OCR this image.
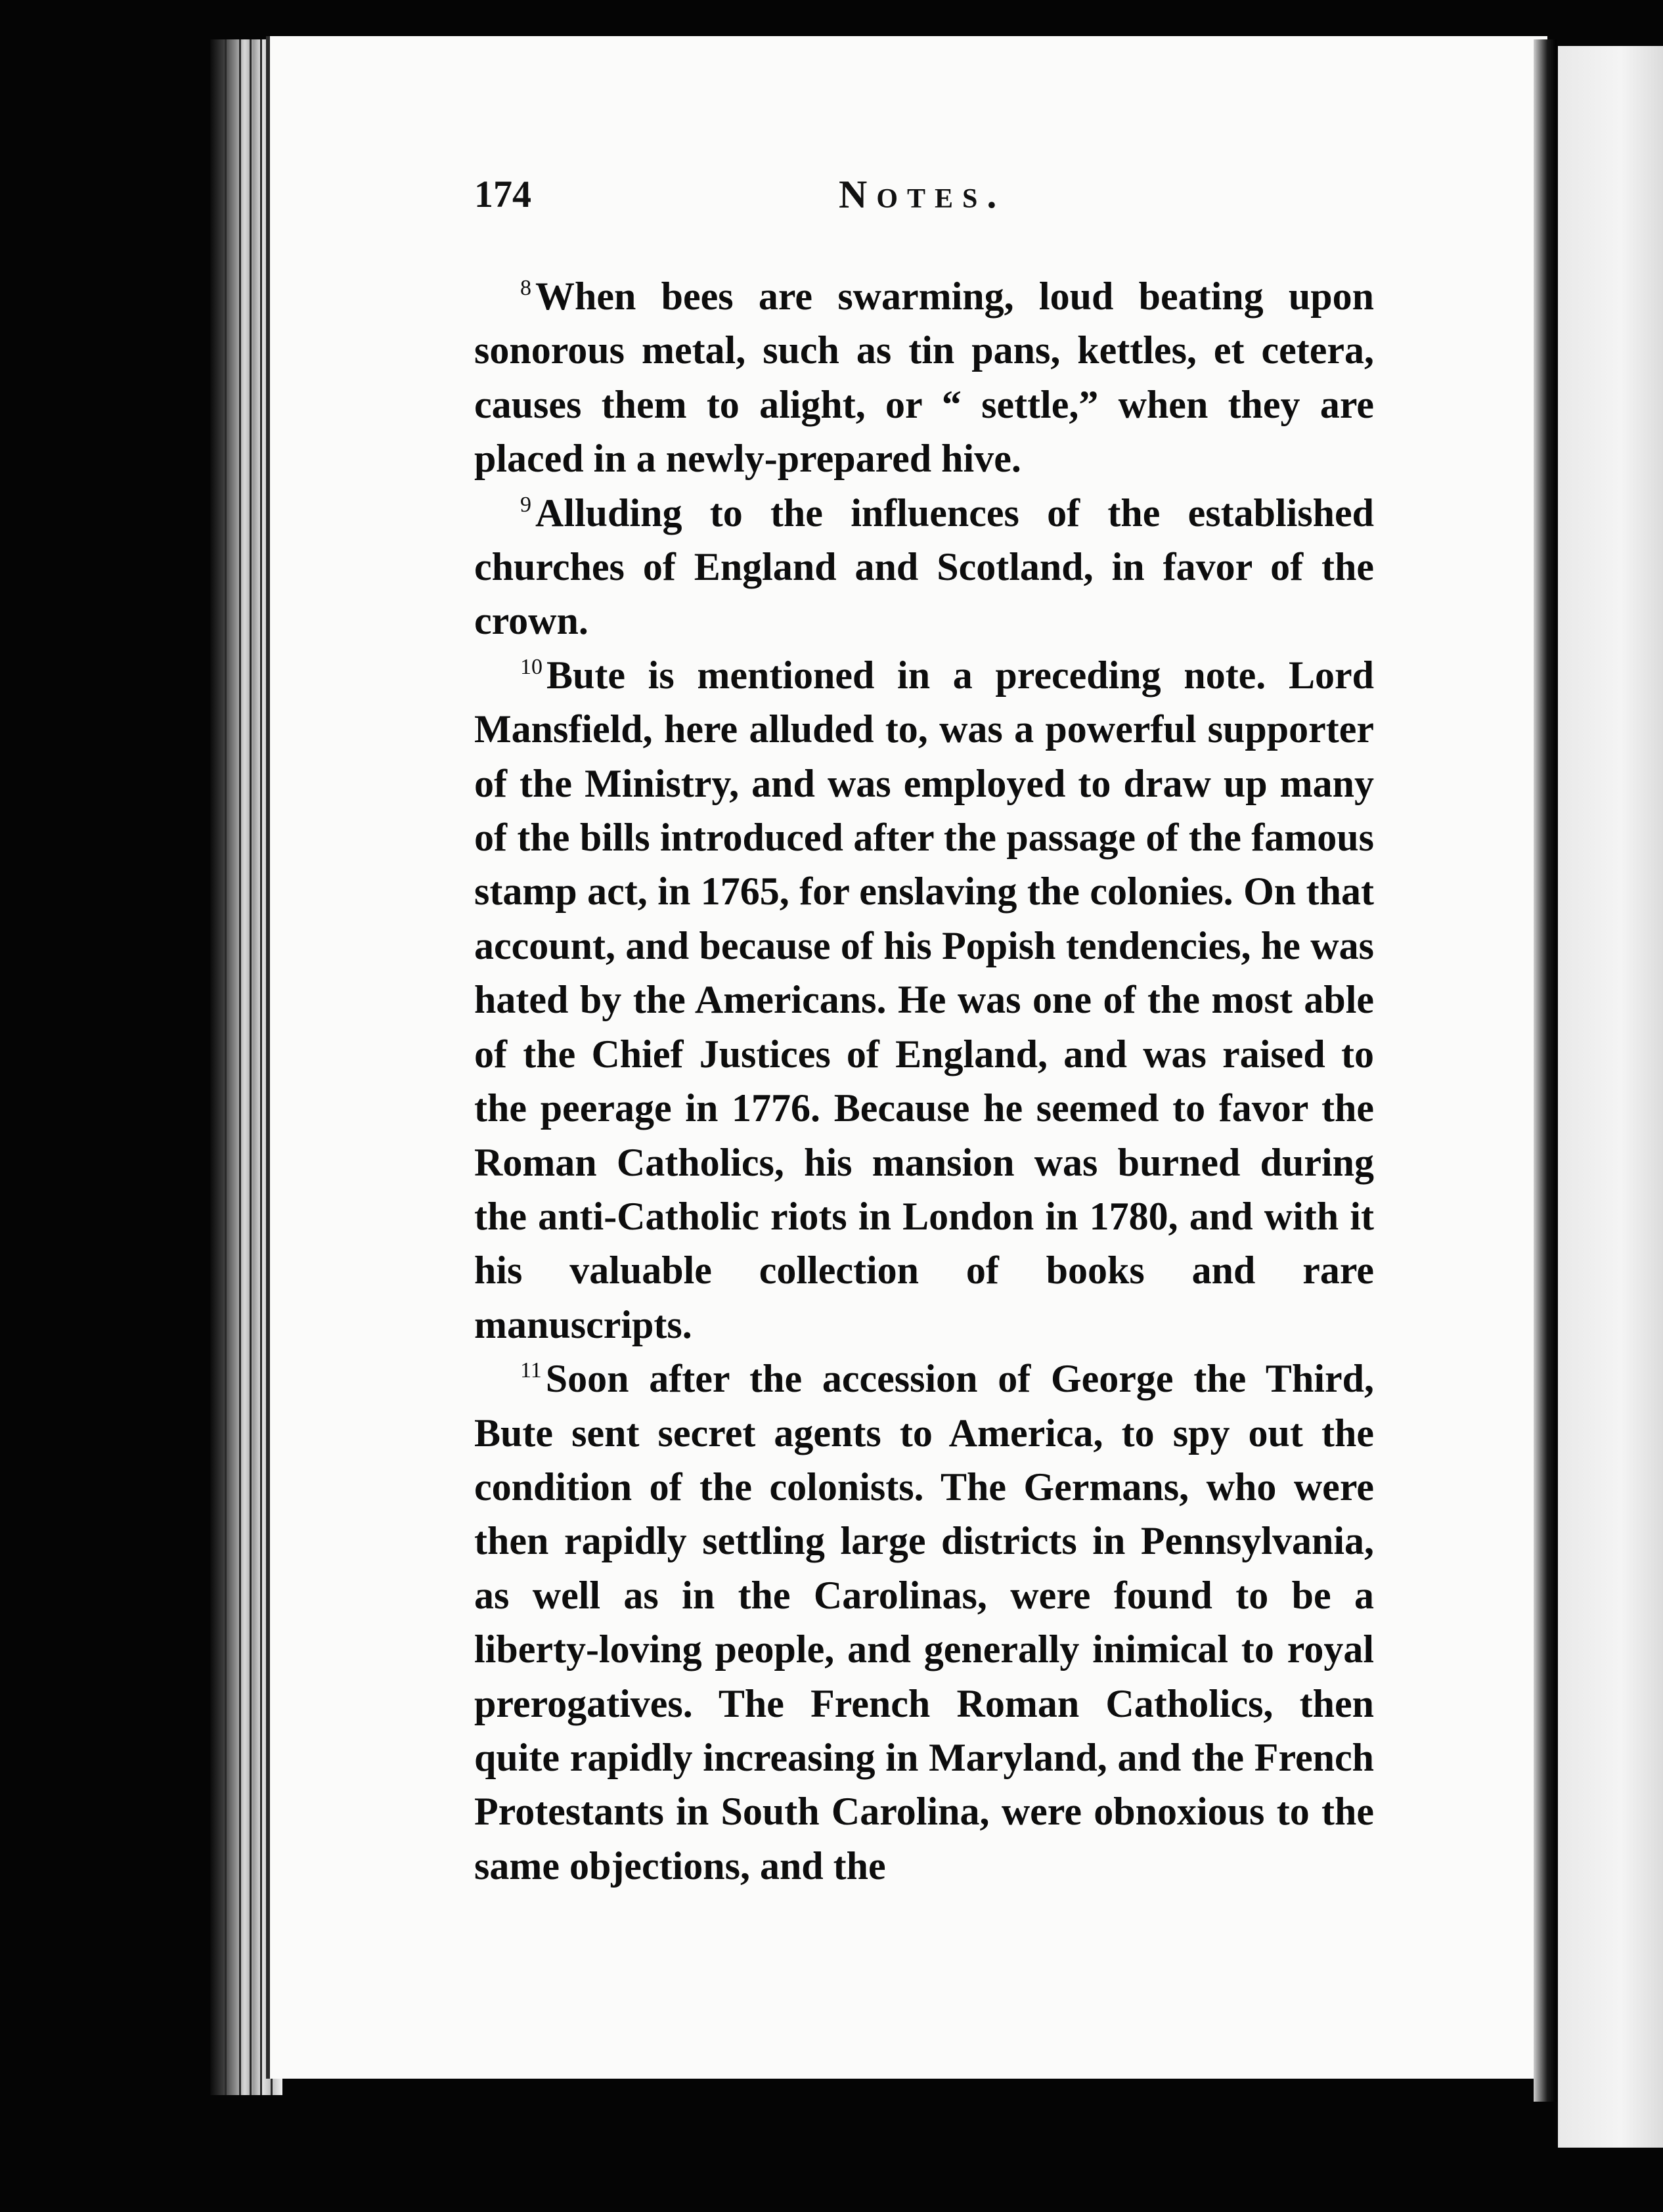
174	Notes.

$^8$ When bees are swarming, loud beating upon sonorous metal, such as tin pans, kettles, et cetera, causes them to alight, or “ settle,” when they are placed in a newly-prepared hive.

$^9$ Alluding to the influences of the established churches of England and Scotland, in favor of the crown.

$^{10}$ Bute is mentioned in a preceding note. Lord Mansfield, here alluded to, was a powerful supporter of the Ministry, and was employed to draw up many of the bills introduced after the passage of the famous stamp act, in 1765, for enslaving the colonies. On that account, and because of his Popish tendencies, he was hated by the Americans. He was one of the most able of the Chief Justices of England, and was raised to the peerage in 1776. Because he seemed to favor the Roman Catholics, his mansion was burned during the anti-Catholic riots in London in 1780, and with it his valuable collection of books and rare manuscripts.

$^{11}$ Soon after the accession of George the Third, Bute sent secret agents to America, to spy out the condition of the colonists. The Germans, who were then rapidly settling large districts in Pennsylvania, as well as in the Carolinas, were found to be a liberty-loving people, and generally inimical to royal prerogatives. The French Roman Catholics, then quite rapidly increasing in Maryland, and the French Protestants in South Carolina, were obnoxious to the same objections, and the
